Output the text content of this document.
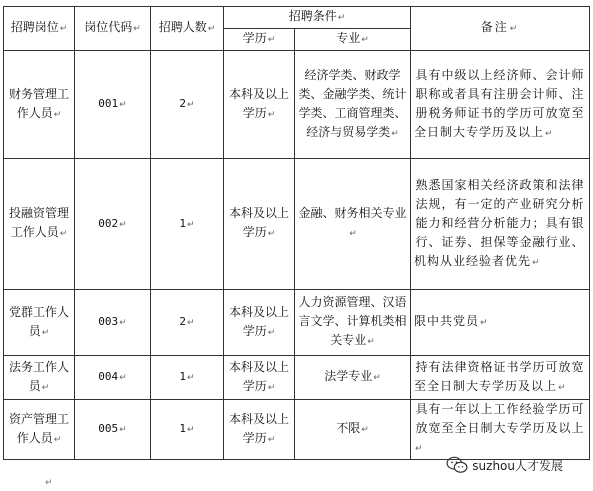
招聘岗位↵	岗位代码↵	招聘人数↵	招聘条件↵		备注↵
			学历↵	专业↵	
财务管理工作人员↵	001↵	2↵	本科及以上学历↵	经济学类、财政学类、金融学类、统计学类、工商管理类、经济与贸易学类↵	具有中级以上经济师、会计师职称或者具有注册会计师、注册税务师证书的学历可放宽至全日制大专学历及以上↵
投融资管理工作人员↵	002↵	1↵	本科及以上学历↵	金融、财务相关专业↵	熟悉国家相关经济政策和法律法规，有一定的产业研究分析能力和经营分析能力；具有银行、证券、担保等金融行业、机构从业经验者优先↵
党群工作人员↵	003↵	2↵	本科及以上学历↵	人力资源管理、汉语言文学、计算机类相关专业↵	限中共党员↵
法务工作人员↵	004↵	1↵	本科及以上学历↵	法学专业↵	持有法律资格证书学历可放宽至全日制大专学历及以上↵
资产管理工作人员↵	005↵	1↵	本科及以上学历↵	不限↵	具有一年以上工作经验学历可放宽至全日制大专学历及以上↵
suzhou人才发展
↵
